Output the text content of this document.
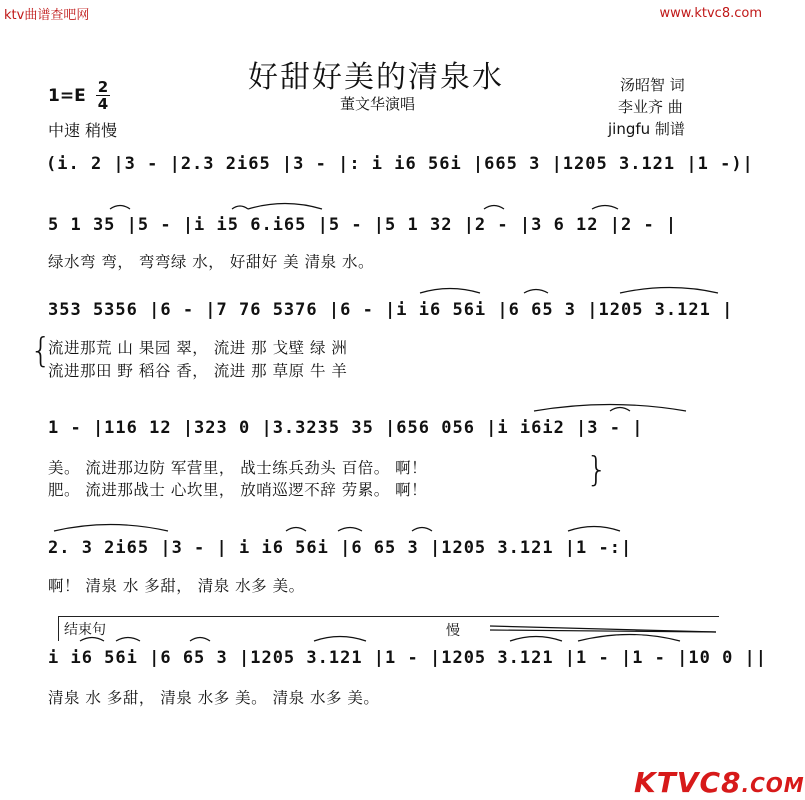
ktv曲谱查吧网	www.ktvc8.com
好甜好美的清泉水
董文华演唱
汤昭智 词
李业齐 曲
jingfu 制谱
1=E 2
4
中速 稍慢
(i. 2 |3 - |2.3 2i65 |3 - |: i i6 56i |665 3 |1205 3.121 |1 -)|
5 1 35 |5 - |i i5 6.i65 |5 - |5 1 32 |2 - |3 6 12 |2 - |
绿水弯 弯， 弯弯绿 水， 好甜好 美 清泉 水。
353 5356 |6 - |7 76 5376 |6 - |i i6 56i |6 65 3 |1205 3.121 |
{
流进那荒 山 果园 翠， 流进 那 戈壁 绿 洲
流进那田 野 稻谷 香， 流进 那 草原 牛 羊
1 - |116 12 |323 0 |3.3235 35 |656 056 |i i6i2 |3 - |
美。 流进那边防 军营里， 战士练兵劲头 百倍。 啊！
肥。 流进那战士 心坎里， 放哨巡逻不辞 劳累。 啊！	}
2. 3 2i65 |3 - | i i6 56i |6 65 3 |1205 3.121 |1 -:|
啊！ 清泉 水 多甜， 清泉 水多 美。
结束句	慢
i i6 56i |6 65 3 |1205 3.121 |1 - |1205 3.121 |1 - |1 - |10 0 ||
清泉 水 多甜， 清泉 水多 美。 清泉 水多 美。
KTVC8.COM
